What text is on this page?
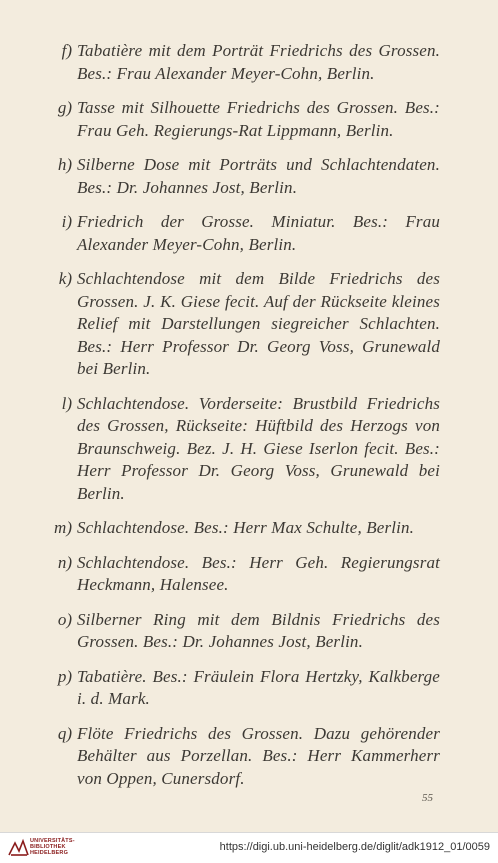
f) Tabatière mit dem Porträt Friedrichs des Grossen. Bes.: Frau Alexander Meyer-Cohn, Berlin.
g) Tasse mit Silhouette Friedrichs des Grossen. Bes.: Frau Geh. Regierungs-Rat Lippmann, Berlin.
h) Silberne Dose mit Porträts und Schlachtendaten. Bes.: Dr. Johannes Jost, Berlin.
i) Friedrich der Grosse. Miniatur. Bes.: Frau Alexander Meyer-Cohn, Berlin.
k) Schlachtendose mit dem Bilde Friedrichs des Grossen. J. K. Giese fecit. Auf der Rückseite kleines Relief mit Darstellungen siegreicher Schlachten. Bes.: Herr Professor Dr. Georg Voss, Grunewald bei Berlin.
l) Schlachtendose. Vorderseite: Brustbild Friedrichs des Grossen, Rückseite: Hüftbild des Herzogs von Braunschweig. Bez. J. H. Giese Iserlon fecit. Bes.: Herr Professor Dr. Georg Voss, Grunewald bei Berlin.
m) Schlachtendose. Bes.: Herr Max Schulte, Berlin.
n) Schlachtendose. Bes.: Herr Geh. Regierungsrat Heckmann, Halensee.
o) Silberner Ring mit dem Bildnis Friedrichs des Grossen. Bes.: Dr. Johannes Jost, Berlin.
p) Tabatière. Bes.: Fräulein Flora Hertzky, Kalkberge i. d. Mark.
q) Flöte Friedrichs des Grossen. Dazu gehörender Behälter aus Porzellan. Bes.: Herr Kammerherr von Oppen, Cunersdorf.
55
UNIVERSITÄTS-
BIBLIOTHEK
HEIDELBERG	https://digi.ub.uni-heidelberg.de/diglit/adk1912_01/0059
